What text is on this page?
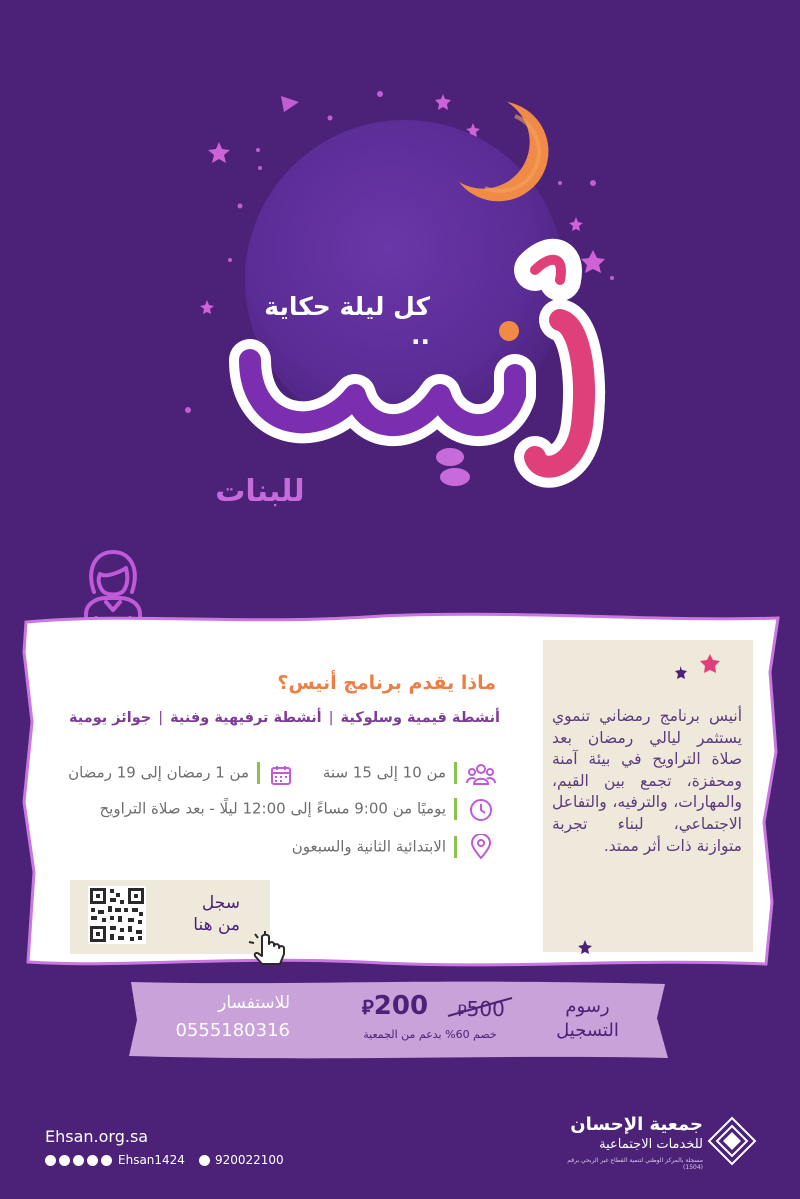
كل ليلة حكاية ..
للبنات
أنيس برنامج رمضاني تنموي يستثمر ليالي رمضان بعد صلاة التراويح في بيئة آمنة ومحفزة، تجمع بين القيم، والمهارات، والترفيه، والتفاعل الاجتماعي، لبناء تجربة متوازنة ذات أثر ممتد.
ماذا يقدم برنامج أنيس؟
أنشطة قيمية وسلوكية|أنشطة ترفيهية وفنية|جوائز يومية
من 10 إلى 15 سنة
من 1 رمضان إلى 19 رمضان
يوميًا من 9:00 مساءً إلى 12:00 ليلًا - بعد صلاة التراويح
الابتدائية الثانية والسبعون
سجل
من هنا
رسوم
التسجيل
⃁500
⃁200
خصم 60% بدعم من الجمعية
للاستفسار
0555180316
Ehsan.org.sa
Ehsan1424	920022100
جمعية الإحسان
للخدمات الاجتماعية
مسجلة بالمركز الوطني لتنمية القطاع غير الربحي برقم (1504)
